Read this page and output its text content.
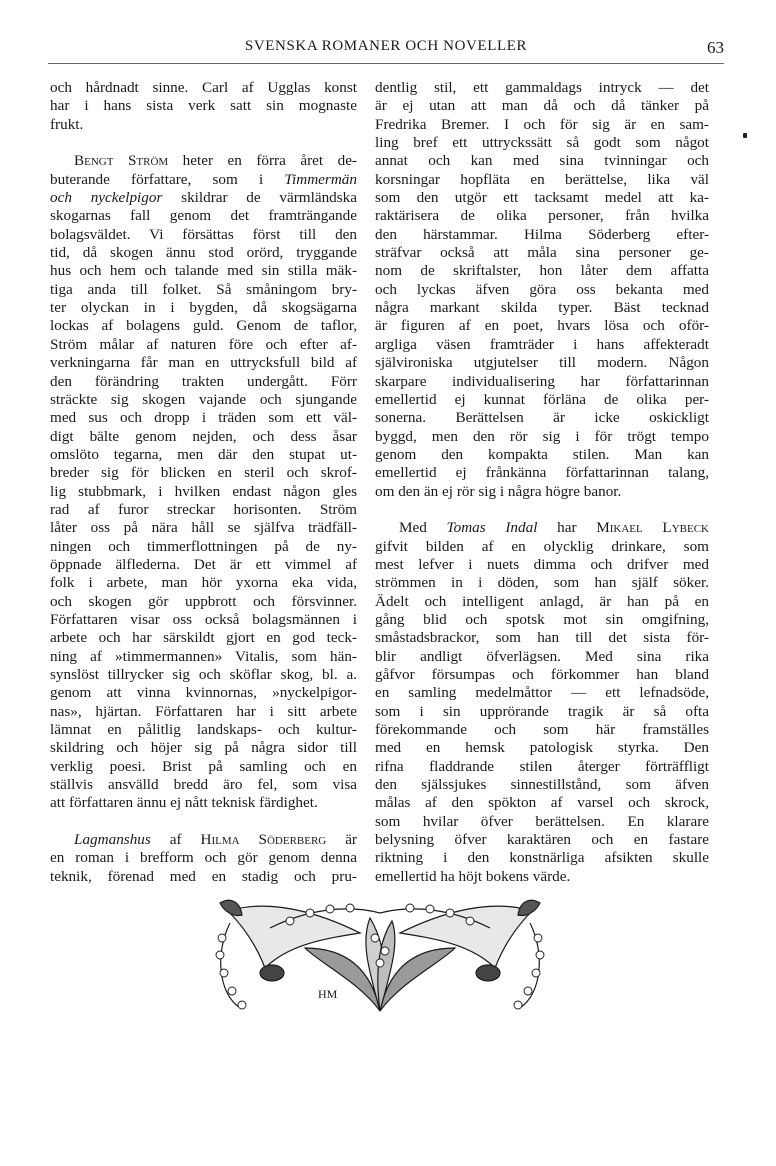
SVENSKA ROMANER OCH NOVELLER	63
och hårdnadt sinne. Carl af Ugglas konst
har i hans sista verk satt sin mognaste
frukt.
Bengt Ström heter en förra året de-
buterande författare, som i Timmermän
och nyckelpigor skildrar de värmländska
skogarnas fall genom det framträngande
bolagsväldet. Vi försättas först till den
tid, då skogen ännu stod orörd, tryggande
hus och hem och talande med sin stilla mäk-
tiga anda till folket. Så småningom bry-
ter olyckan in i bygden, då skogsägarna
lockas af bolagens guld. Genom de taflor,
Ström målar af naturen före och efter af-
verkningarna får man en uttrycksfull bild af
den förändring trakten undergått. Förr
sträckte sig skogen vajande och sjungande
med sus och dropp i träden som ett väl-
digt bälte genom nejden, och dess åsar
omslöto tegarna, men där den stupat ut-
breder sig för blicken en steril och skrof-
lig stubbmark, i hvilken endast någon gles
rad af furor streckar horisonten. Ström
låter oss på nära håll se själfva trädfäll-
ningen och timmerflottningen på de ny-
öppnade älflederna. Det är ett vimmel af
folk i arbete, man hör yxorna eka vida,
och skogen gör uppbrott och försvinner.
Författaren visar oss också bolagsmännen i
arbete och har särskildt gjort en god teck-
ning af »timmermannen» Vitalis, som hän-
synslöst tillrycker sig och sköflar skog, bl. a.
genom att vinna kvinnornas, »nyckelpigor-
nas», hjärtan. Författaren har i sitt arbete
lämnat en pålitlig landskaps- och kultur-
skildring och höjer sig på några sidor till
verklig poesi. Brist på samling och en
ställvis ansvälld bredd äro fel, som visa
att författaren ännu ej nått teknisk färdighet.
Lagmanshus af Hilma Söderberg är
en roman i brefform och gör genom denna
teknik, förenad med en stadig och pru-
dentlig stil, ett gammaldags intryck — det
är ej utan att man då och då tänker på
Fredrika Bremer. I och för sig är en sam-
ling bref ett uttryckssätt så godt som något
annat och kan med sina tvinningar och
korsningar hopfläta en berättelse, lika väl
som den utgör ett tacksamt medel att ka-
raktärisera de olika personer, från hvilka
den härstammar. Hilma Söderberg efter-
sträfvar också att måla sina personer ge-
nom de skriftalster, hon låter dem affatta
och lyckas äfven göra oss bekanta med
några markant skilda typer. Bäst tecknad
är figuren af en poet, hvars lösa och oför-
argliga väsen framträder i hans affekteradt
självironiska utgjutelser till modern. Någon
skarpare individualisering har författarinnan
emellertid ej kunnat förläna de olika per-
sonerna. Berättelsen är icke oskickligt
byggd, men den rör sig i för trögt tempo
genom den kompakta stilen. Man kan
emellertid ej frånkänna författarinnan talang,
om den än ej rör sig i några högre banor.
Med Tomas Indal har Mikael Lybeck
gifvit bilden af en olycklig drinkare, som
mest lefver i nuets dimma och drifver med
strömmen in i döden, som han själf söker.
Ädelt och intelligent anlagd, är han på en
gång blid och spotsk mot sin omgifning,
småstadsbrackor, som han till det sista för-
blir andligt öfverlägsen. Med sina rika
gåfvor försumpas och förkommer han bland
en samling medelmåttor — ett lefnadsöde,
som i sin upprörande tragik är så ofta
förekommande och som här framställes
med en hemsk patologisk styrka. Den
rifna fladdrande stilen återger förträffligt
den själssjukes sinnestillstånd, som äfven
målas af den spökton af varsel och skrock,
som hvilar öfver berättelsen. En klarare
belysning öfver karaktären och en fastare
riktning i den konstnärliga afsikten skulle
emellertid ha höjt bokens värde.
HM
